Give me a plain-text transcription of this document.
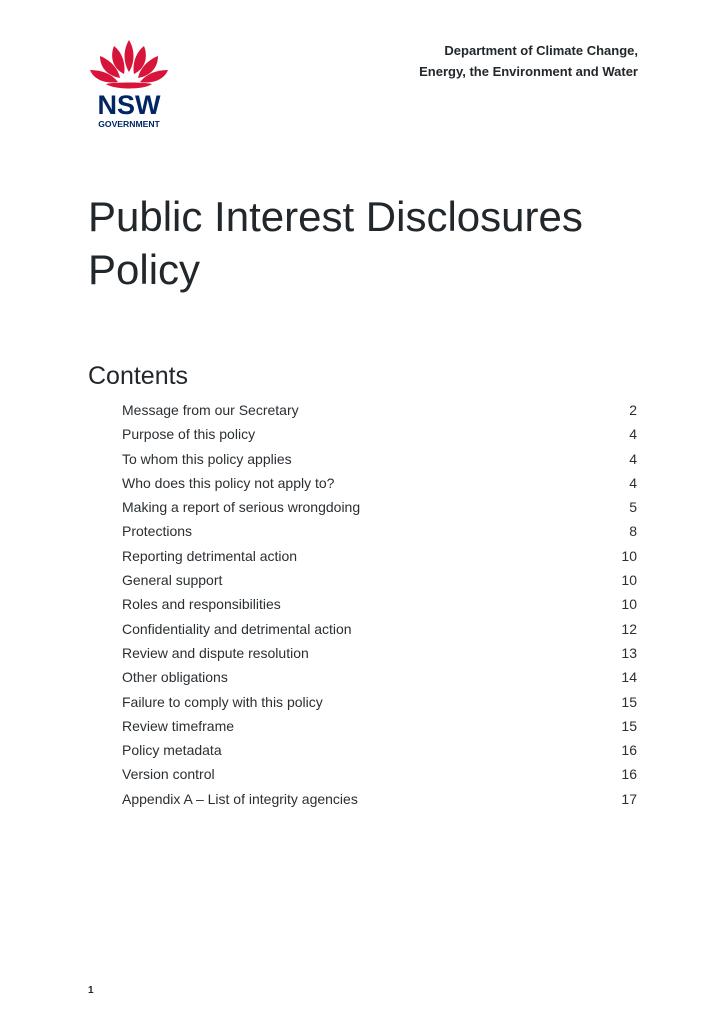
NSW
GOVERNMENT
Department of Climate Change,
Energy, the Environment and Water
Public Interest Disclosures
Policy
Contents
Message from our Secretary	2
Purpose of this policy	4
To whom this policy applies	4
Who does this policy not apply to?	4
Making a report of serious wrongdoing	5
Protections	8
Reporting detrimental action	10
General support	10
Roles and responsibilities	10
Confidentiality and detrimental action	12
Review and dispute resolution	13
Other obligations	14
Failure to comply with this policy	15
Review timeframe	15
Policy metadata	16
Version control	16
Appendix A – List of integrity agencies	17
1
